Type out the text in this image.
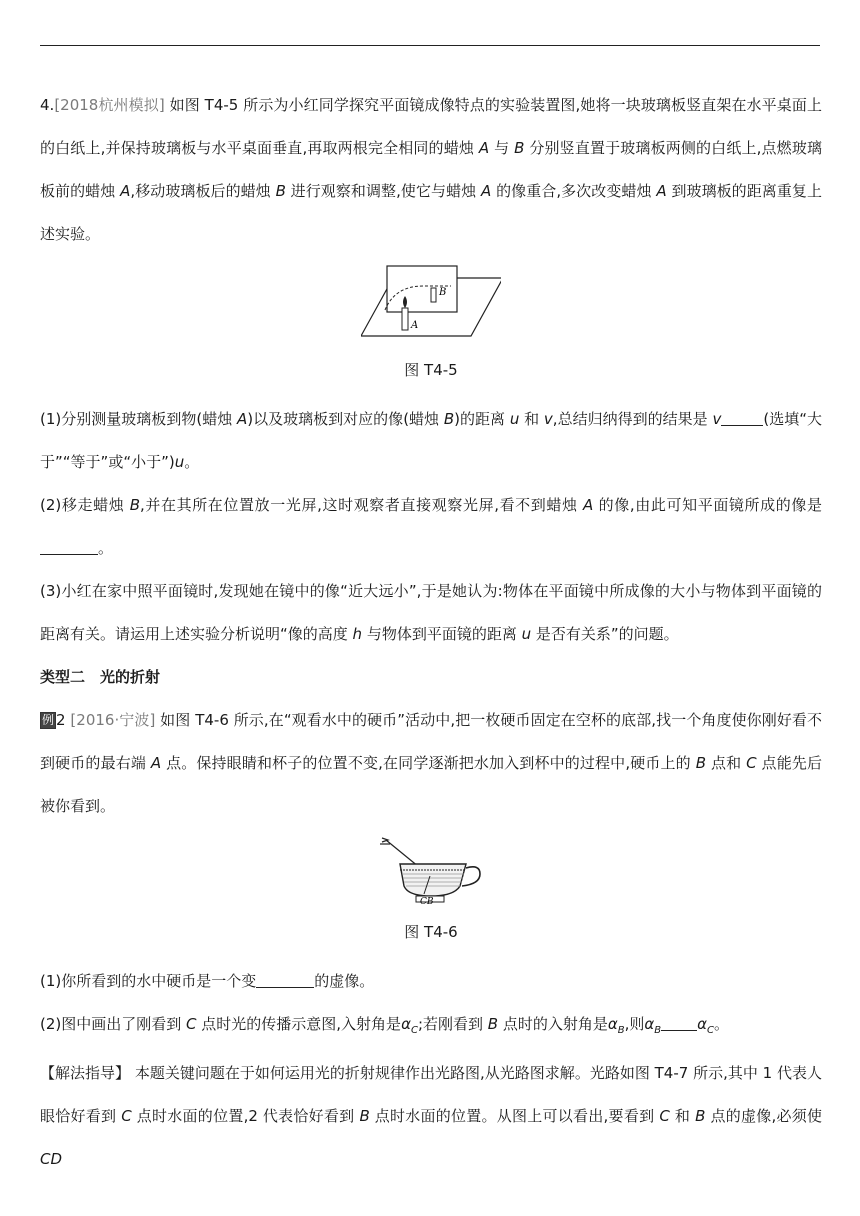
4.[2018杭州模拟] 如图 T4-5 所示为小红同学探究平面镜成像特点的实验装置图,她将一块玻璃板竖直架在水平桌面上的白纸上,并保持玻璃板与水平桌面垂直,再取两根完全相同的蜡烛 A 与 B 分别竖直置于玻璃板两侧的白纸上,点燃玻璃板前的蜡烛 A,移动玻璃板后的蜡烛 B 进行观察和调整,使它与蜡烛 A 的像重合,多次改变蜡烛 A 到玻璃板的距离重复上述实验。

A
B

图 T4-5

(1)分别测量玻璃板到物(蜡烛 A)以及玻璃板到对应的像(蜡烛 B)的距离 u 和 v,总结归纳得到的结果是 v	(选填“大于”“等于”或“小于”)u。

(2)移走蜡烛 B,并在其所在位置放一光屏,这时观察者直接观察光屏,看不到蜡烛 A 的像,由此可知平面镜所成的像是。

(3)小红在家中照平面镜时,发现她在镜中的像“近大远小”,于是她认为:物体在平面镜中所成像的大小与物体到平面镜的距离有关。请运用上述实验分析说明“像的高度 h 与物体到平面镜的距离 u 是否有关系”的问题。

类型二　光的折射

例 2 [2016·宁波] 如图 T4-6 所示,在“观看水中的硬币”活动中,把一枚硬币固定在空杯的底部,找一个角度使你刚好看不到硬币的最右端 A 点。保持眼睛和杯子的位置不变,在同学逐渐把水加入到杯中的过程中,硬币上的 B 点和 C 点能先后被你看到。

CB

图 T4-6

(1)你所看到的水中硬币是一个变	的虚像。

(2)图中画出了刚看到 C 点时光的传播示意图,入射角是$\alpha_C$;若刚看到 B 点时的入射角是$\alpha_B$,则$\alpha_B$ $\alpha_C$。

【解法指导】 本题关键问题在于如何运用光的折射规律作出光路图,从光路图求解。光路如图 T4-7 所示,其中 1 代表人眼恰好看到 C 点时水面的位置,2 代表恰好看到 B 点时水面的位置。从图上可以看出,要看到 C 和 B 点的虚像,必须使 CD
